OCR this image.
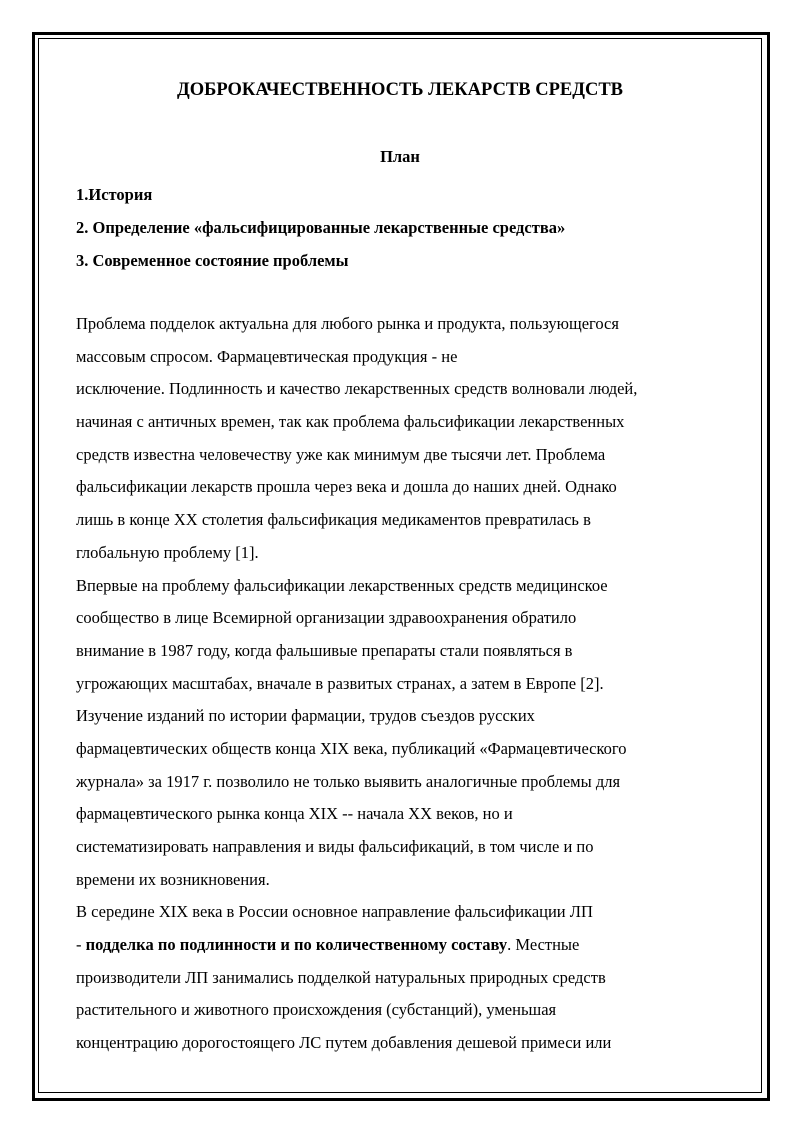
ДОБРОКАЧЕСТВЕННОСТЬ ЛЕКАРСТВ СРЕДСТВ
План
1.История
2. Определение «фальсифицированные лекарственные средства»
3. Современное состояние проблемы
Проблема подделок актуальна для любого рынка и продукта, пользующегося
массовым спросом. Фармацевтическая продукция - не
исключение. Подлинность и качество лекарственных средств волновали людей,
начиная с античных времен, так как проблема фальсификации лекарственных
средств известна человечеству уже как минимум две тысячи лет. Проблема
фальсификации лекарств прошла через века и дошла до наших дней. Однако
лишь в конце XX столетия фальсификация медикаментов превратилась в
глобальную проблему [1].
Впервые на проблему фальсификации лекарственных средств медицинское
сообщество в лице Всемирной организации здравоохранения обратило
внимание в 1987 году, когда фальшивые препараты стали появляться в
угрожающих масштабах, вначале в развитых странах, а затем в Европе [2].
Изучение изданий по истории фармации, трудов съездов русских
фармацевтических обществ конца XIX века, публикаций «Фармацевтического
журнала» за 1917 г. позволило не только выявить аналогичные проблемы для
фармацевтического рынка конца XIX -- начала XX веков, но и
систематизировать направления и виды фальсификаций, в том числе и по
времени их возникновения.
В середине XIX века в России основное направление фальсификации ЛП
- подделка по подлинности и по количественному составу. Местные
производители ЛП занимались подделкой натуральных природных средств
растительного и животного происхождения (субстанций), уменьшая
концентрацию дорогостоящего ЛС путем добавления дешевой примеси или
